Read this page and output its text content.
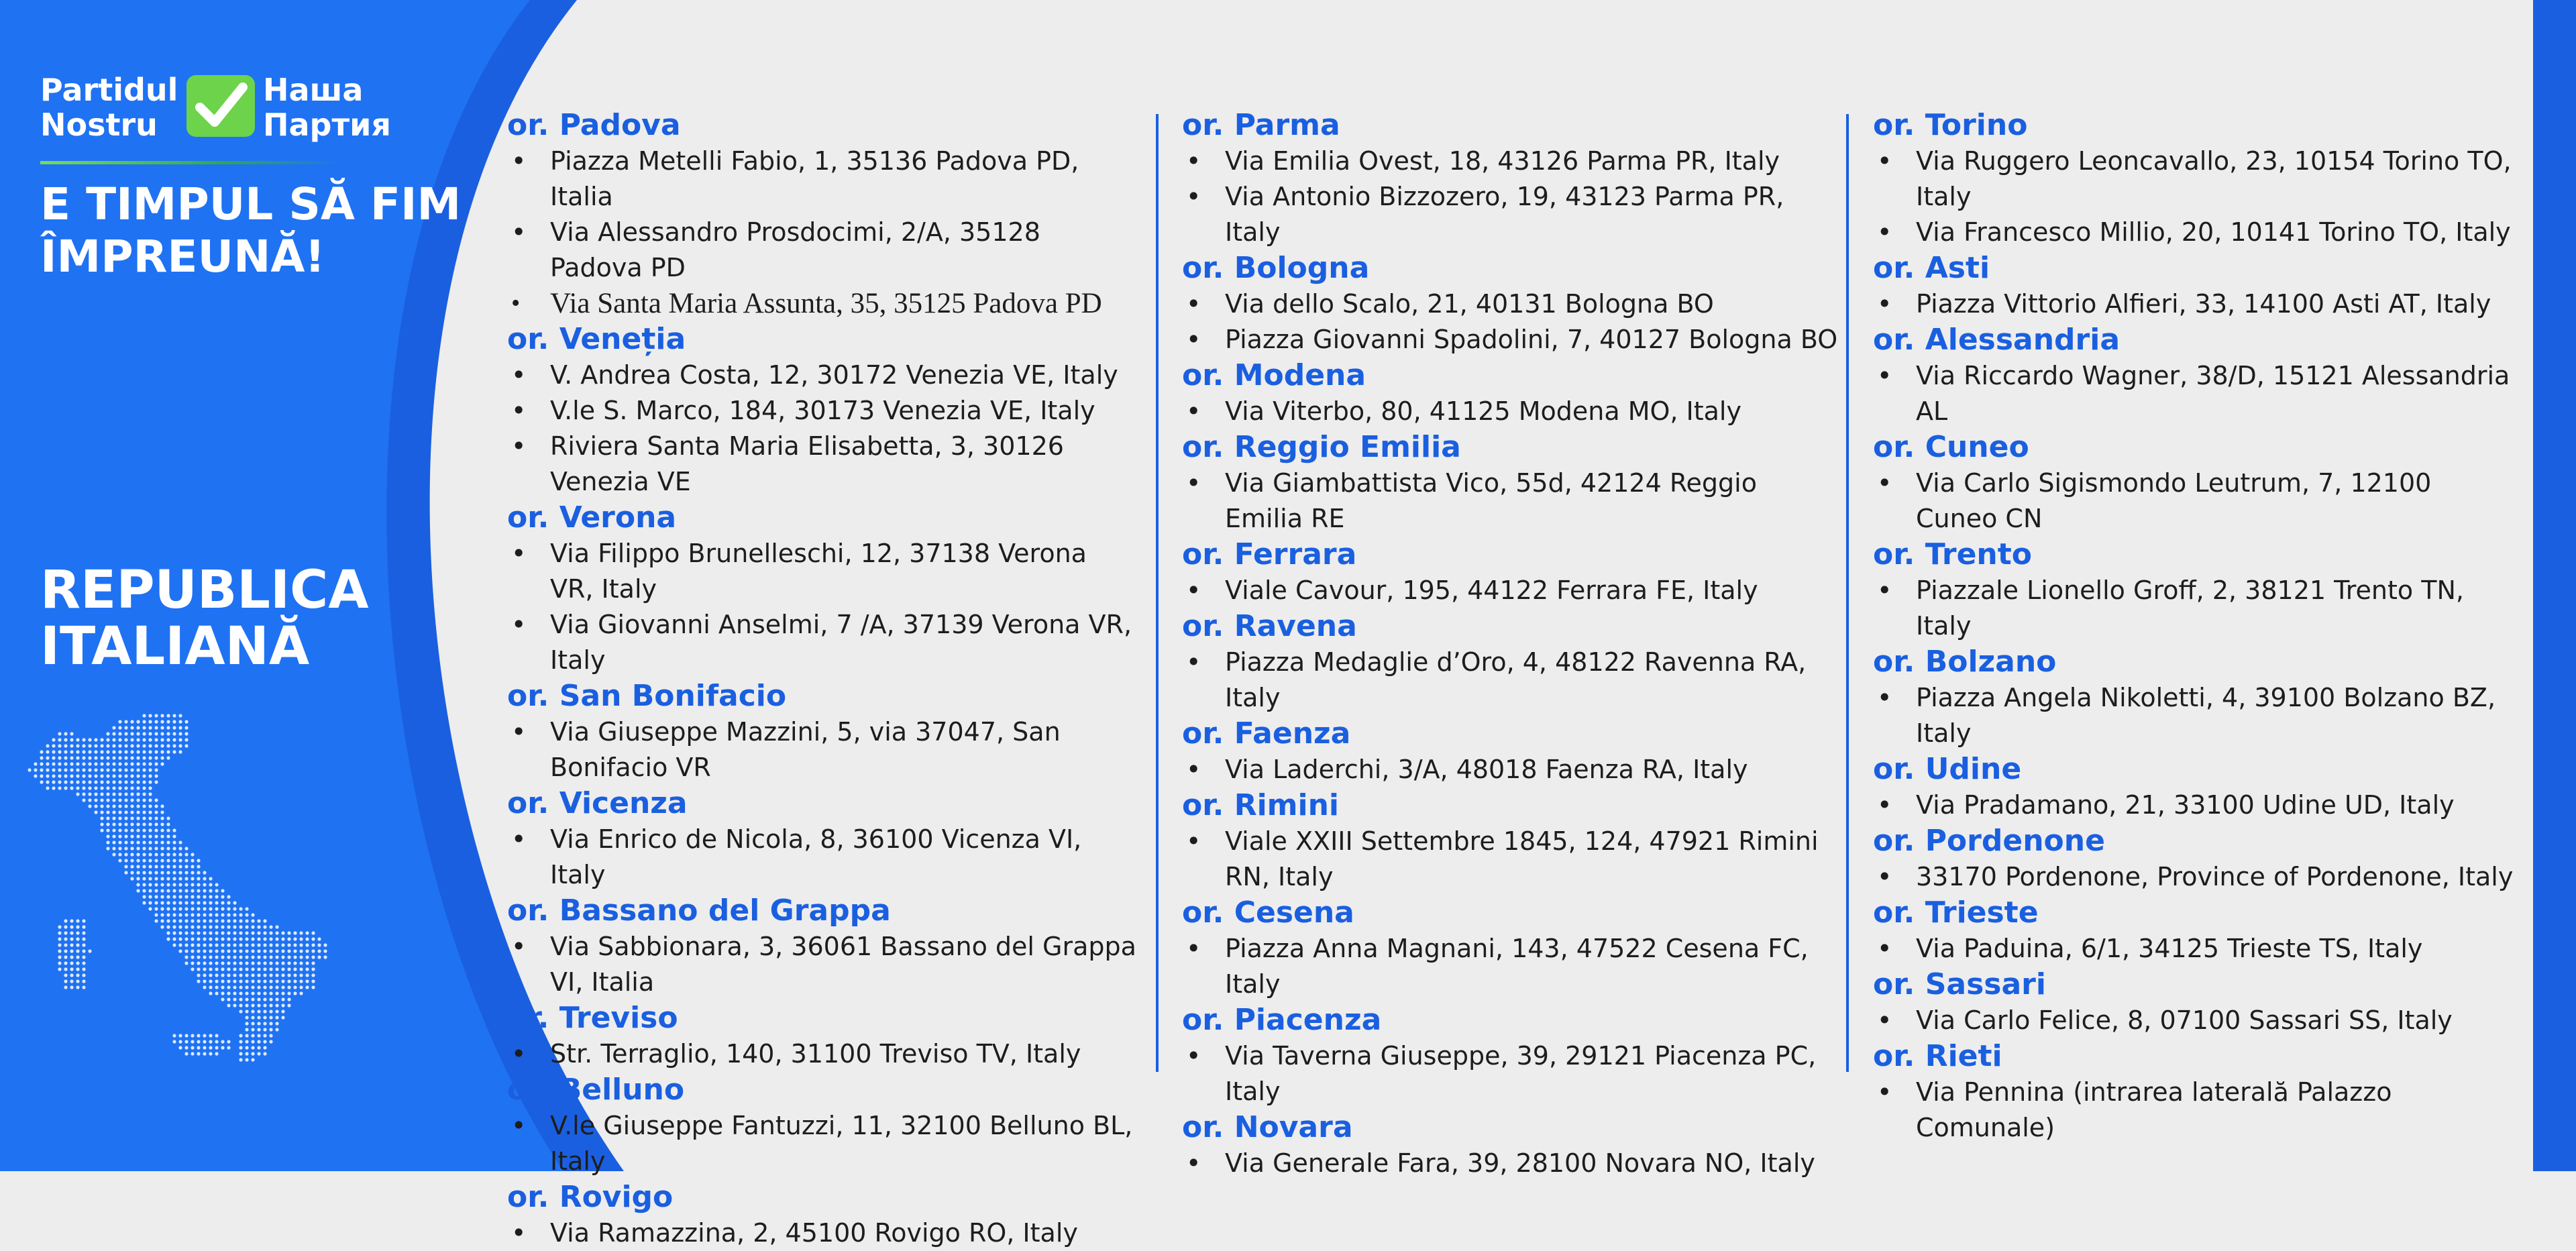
Partidul
Nostru
Наша
Партия
E TIMPUL SĂ FIM
ÎMPREUNĂ!
REPUBLICA
ITALIANĂ
or. Padova
• Piazza Metelli Fabio, 1, 35136 Padova PD, Italia
• Via Alessandro Prosdocimi, 2/A, 35128 Padova PD
• Via Santa Maria Assunta, 35, 35125 Padova PD
or. Veneția
• V. Andrea Costa, 12, 30172 Venezia VE, Italy
• V.le S. Marco, 184, 30173 Venezia VE, Italy
• Riviera Santa Maria Elisabetta, 3, 30126 Venezia VE
or. Verona
• Via Filippo Brunelleschi, 12, 37138 Verona VR, Italy
• Via Giovanni Anselmi, 7 /A, 37139 Verona VR, Italy
or. San Bonifacio
• Via Giuseppe Mazzini, 5, via 37047, San Bonifacio VR
or. Vicenza
• Via Enrico de Nicola, 8, 36100 Vicenza VI, Italy
or. Bassano del Grappa
• Via Sabbionara, 3, 36061 Bassano del Grappa VI, Italia
or. Treviso
• Str. Terraglio, 140, 31100 Treviso TV, Italy
or. Belluno
• V.le Giuseppe Fantuzzi, 11, 32100 Belluno BL, Italy
or. Rovigo
• Via Ramazzina, 2, 45100 Rovigo RO, Italy
or. Parma
• Via Emilia Ovest, 18, 43126 Parma PR, Italy
• Via Antonio Bizzozero, 19, 43123 Parma PR, Italy
or. Bologna
• Via dello Scalo, 21, 40131 Bologna BO
• Piazza Giovanni Spadolini, 7, 40127 Bologna BO
or. Modena
• Via Viterbo, 80, 41125 Modena MO, Italy
or. Reggio Emilia
• Via Giambattista Vico, 55d, 42124 Reggio Emilia RE
or. Ferrara
• Viale Cavour, 195, 44122 Ferrara FE, Italy
or. Ravena
• Piazza Medaglie d’Oro, 4, 48122 Ravenna RA, Italy
or. Faenza
• Via Laderchi, 3/A, 48018 Faenza RA, Italy
or. Rimini
• Viale XXIII Settembre 1845, 124, 47921 Rimini RN, Italy
or. Cesena
• Piazza Anna Magnani, 143, 47522 Cesena FC, Italy
or. Piacenza
• Via Taverna Giuseppe, 39, 29121 Piacenza PC, Italy
or. Novara
• Via Generale Fara, 39, 28100 Novara NO, Italy
or. Torino
• Via Ruggero Leoncavallo, 23, 10154 Torino TO, Italy
• Via Francesco Millio, 20, 10141 Torino TO, Italy
or. Asti
• Piazza Vittorio Alfieri, 33, 14100 Asti AT, Italy
or. Alessandria
• Via Riccardo Wagner, 38/D, 15121 Alessandria AL
or. Cuneo
• Via Carlo Sigismondo Leutrum, 7, 12100 Cuneo CN
or. Trento
• Piazzale Lionello Groff, 2, 38121 Trento TN, Italy
or. Bolzano
• Piazza Angela Nikoletti, 4, 39100 Bolzano BZ, Italy
or. Udine
• Via Pradamano, 21, 33100 Udine UD, Italy
or. Pordenone
• 33170 Pordenone, Province of Pordenone, Italy
or. Trieste
• Via Paduina, 6/1, 34125 Trieste TS, Italy
or. Sassari
• Via Carlo Felice, 8, 07100 Sassari SS, Italy
or. Rieti
• Via Pennina (intrarea laterală Palazzo Comunale)
